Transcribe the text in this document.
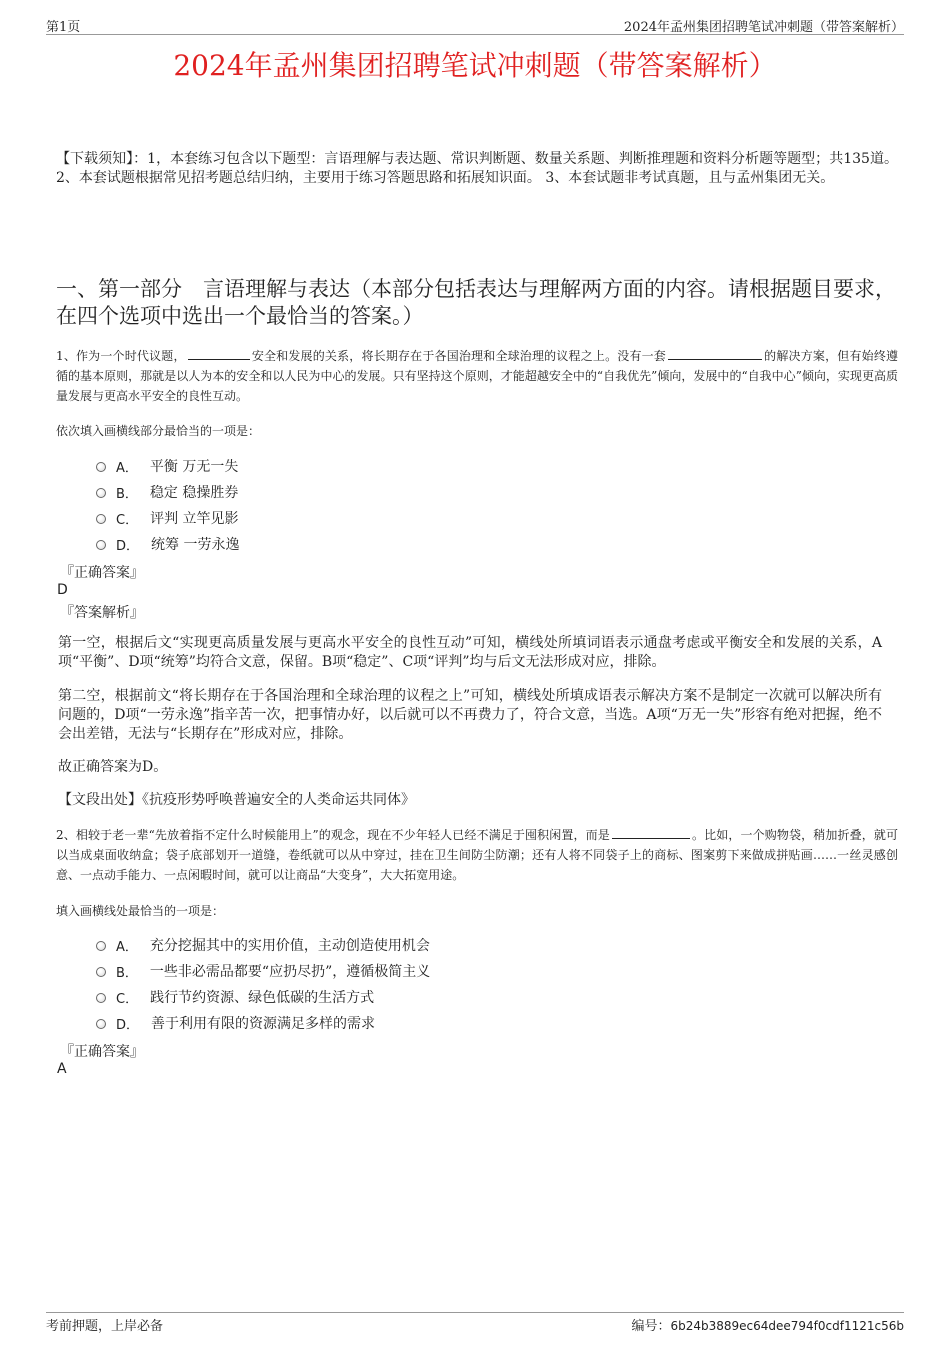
第1页	2024年孟州集团招聘笔试冲刺题（带答案解析）
2024年孟州集团招聘笔试冲刺题（带答案解析）
【下载须知】：1，本套练习包含以下题型：言语理解与表达题、常识判断题、数量关系题、判断推理题和资料分析题等题型；共135道。 2、本套试题根据常见招考题总结归纳，主要用于练习答题思路和拓展知识面。 3、本套试题非考试真题，且与孟州集团无关。
一、第一部分　言语理解与表达（本部分包括表达与理解两方面的内容。请根据题目要求，在四个选项中选出一个最恰当的答案。）
1、作为一个时代议题，	安全和发展的关系，将长期存在于各国治理和全球治理的议程之上。没有一套	的解决方案，但有始终遵循的基本原则，那就是以人为本的安全和以人民为中心的发展。只有坚持这个原则，才能超越安全中的“自我优先”倾向，发展中的“自我中心”倾向，实现更高质量发展与更高水平安全的良性互动。
依次填入画横线部分最恰当的一项是：
A． 平衡 万无一失
B． 稳定 稳操胜券
C． 评判 立竿见影
D． 统筹 一劳永逸
『正确答案』
D
『答案解析』
第一空，根据后文“实现更高质量发展与更高水平安全的良性互动”可知，横线处所填词语表示通盘考虑或平衡安全和发展的关系，A项“平衡”、D项“统筹”均符合文意，保留。B项“稳定”、C项“评判”均与后文无法形成对应，排除。
第二空，根据前文“将长期存在于各国治理和全球治理的议程之上”可知，横线处所填成语表示解决方案不是制定一次就可以解决所有问题的，D项“一劳永逸”指辛苦一次，把事情办好，以后就可以不再费力了，符合文意，当选。A项“万无一失”形容有绝对把握，绝不会出差错，无法与“长期存在”形成对应，排除。
故正确答案为D。
【文段出处】《抗疫形势呼唤普遍安全的人类命运共同体》
2、相较于老一辈“先放着指不定什么时候能用上”的观念，现在不少年轻人已经不满足于囤积闲置，而是	。比如，一个购物袋，稍加折叠，就可以当成桌面收纳盒；袋子底部划开一道缝，卷纸就可以从中穿过，挂在卫生间防尘防潮；还有人将不同袋子上的商标、图案剪下来做成拼贴画……一丝灵感创意、一点动手能力、一点闲暇时间，就可以让商品“大变身”，大大拓宽用途。
填入画横线处最恰当的一项是：
A． 充分挖掘其中的实用价值，主动创造使用机会
B． 一些非必需品都要“应扔尽扔”，遵循极简主义
C． 践行节约资源、绿色低碳的生活方式
D． 善于利用有限的资源满足多样的需求
『正确答案』
A
考前押题，上岸必备	编号：6b24b3889ec64dee794f0cdf1121c56b
